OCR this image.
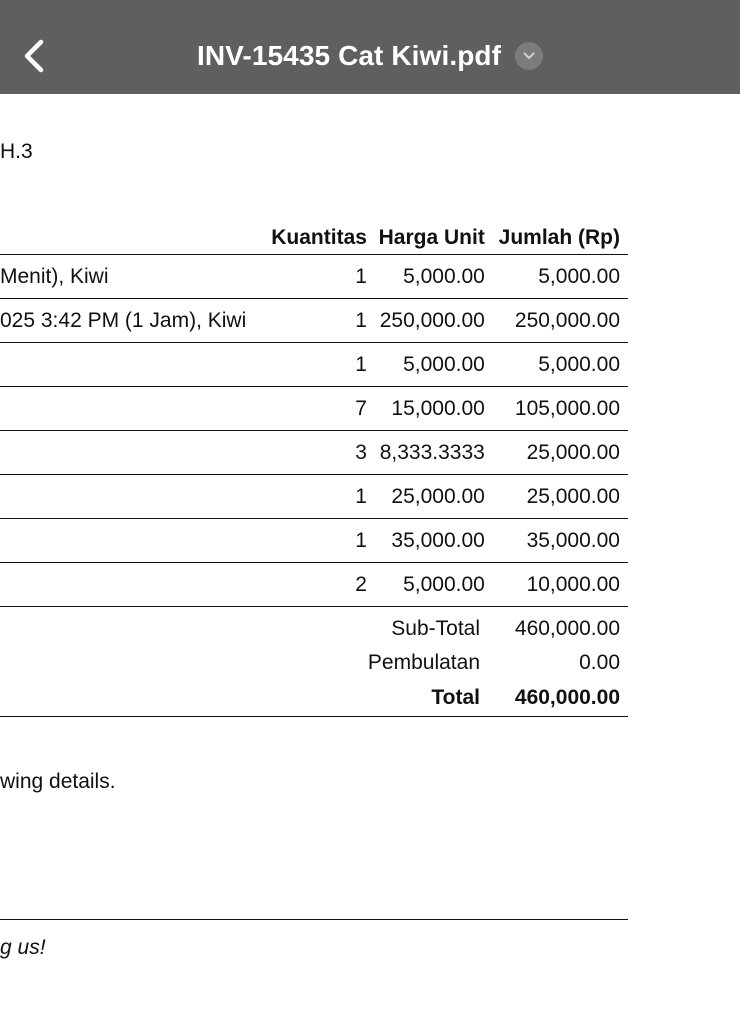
INV-15435 Cat Kiwi.pdf
H.3
	Kuantitas	Harga Unit	Jumlah (Rp)
Menit), Kiwi	1	5,000.00	5,000.00
025 3:42 PM (1 Jam), Kiwi	1	250,000.00	250,000.00
	1	5,000.00	5,000.00
	7	15,000.00	105,000.00
	3	8,333.3333	25,000.00
	1	25,000.00	25,000.00
	1	35,000.00	35,000.00
	2	5,000.00	10,000.00
	Sub-Total	460,000.00
	Pembulatan	0.00
	Total	460,000.00
wing details.
g us!
